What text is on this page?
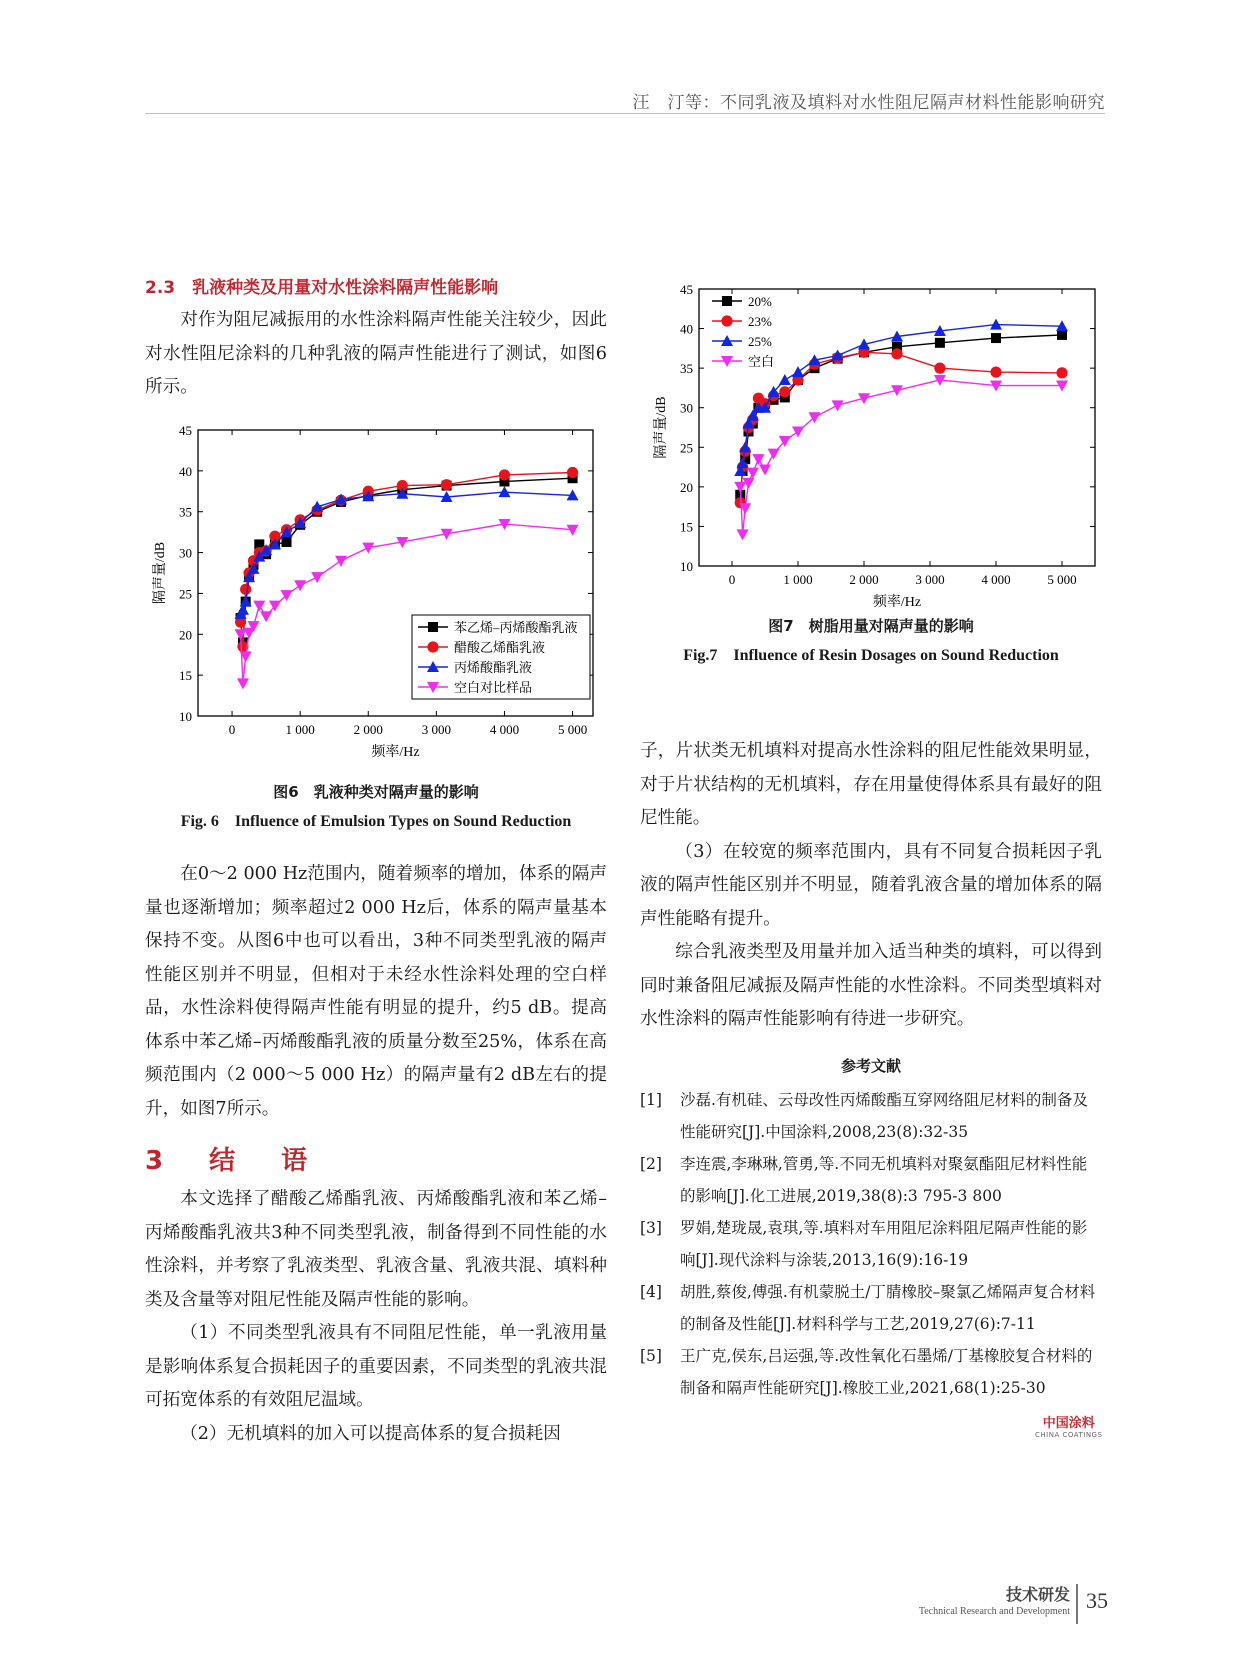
汪　汀等：不同乳液及填料对水性阻尼隔声材料性能影响研究
10
15
20
25
30
35
40
45
0	1 000	2 000	3 000	4 000	5 000
频率/Hz
隔声量/dB
20%
23%
25%
空白
图7　树脂用量对隔声量的影响
Fig.7　Influence of Resin Dosages on Sound Reduction
2.3　乳液种类及用量对水性涂料隔声性能影响

对作为阻尼减振用的水性涂料隔声性能关注较少，因此对水性阻尼涂料的几种乳液的隔声性能进行了测试，如图6所示。

10
15
20
25
30
35
40
45
0	1 000	2 000	3 000	4 000	5 000
频率/Hz
隔声量/dB
苯乙烯–丙烯酸酯乳液
醋酸乙烯酯乳液
丙烯酸酯乳液
空白对比样品
图6　乳液种类对隔声量的影响
Fig. 6　Influence of Emulsion Types on Sound Reduction

在0～2 000 Hz范围内，随着频率的增加，体系的隔声量也逐渐增加；频率超过2 000 Hz后，体系的隔声量基本保持不变。从图6中也可以看出，3种不同类型乳液的隔声性能区别并不明显，但相对于未经水性涂料处理的空白样品，水性涂料使得隔声性能有明显的提升，约5 dB。提高体系中苯乙烯–丙烯酸酯乳液的质量分数至25%，体系在高频范围内（2 000～5 000 Hz）的隔声量有2 dB左右的提升，如图7所示。

3　结　语

本文选择了醋酸乙烯酯乳液、丙烯酸酯乳液和苯乙烯–丙烯酸酯乳液共3种不同类型乳液，制备得到不同性能的水性涂料，并考察了乳液类型、乳液含量、乳液共混、填料种类及含量等对阻尼性能及隔声性能的影响。

（1）不同类型乳液具有不同阻尼性能，单一乳液用量是影响体系复合损耗因子的重要因素，不同类型的乳液共混可拓宽体系的有效阻尼温域。

（2）无机填料的加入可以提高体系的复合损耗因

子，片状类无机填料对提高水性涂料的阻尼性能效果明显，对于片状结构的无机填料，存在用量使得体系具有最好的阻尼性能。

（3）在较宽的频率范围内，具有不同复合损耗因子乳液的隔声性能区别并不明显，随着乳液含量的增加体系的隔声性能略有提升。

综合乳液类型及用量并加入适当种类的填料，可以得到同时兼备阻尼减振及隔声性能的水性涂料。不同类型填料对水性涂料的隔声性能影响有待进一步研究。

参考文献
[1] 沙磊.有机硅、云母改性丙烯酸酯互穿网络阻尼材料的制备及性能研究[J].中国涂料,2008,23(8):32-35
[2] 李连震,李琳琳,管勇,等.不同无机填料对聚氨酯阻尼材料性能的影响[J].化工进展,2019,38(8):3 795-3 800
[3] 罗娟,楚珑晟,袁琪,等.填料对车用阻尼涂料阻尼隔声性能的影响[J].现代涂料与涂装,2013,16(9):16-19
[4] 胡胜,蔡俊,傅强.有机蒙脱土/丁腈橡胶–聚氯乙烯隔声复合材料的制备及性能[J].材料科学与工艺,2019,27(6):7-11
[5] 王广克,侯东,吕运强,等.改性氧化石墨烯/丁基橡胶复合材料的制备和隔声性能研究[J].橡胶工业,2021,68(1):25-30
中国涂料
CHINA COATINGS
技术研发
Technical Research and Development 35
